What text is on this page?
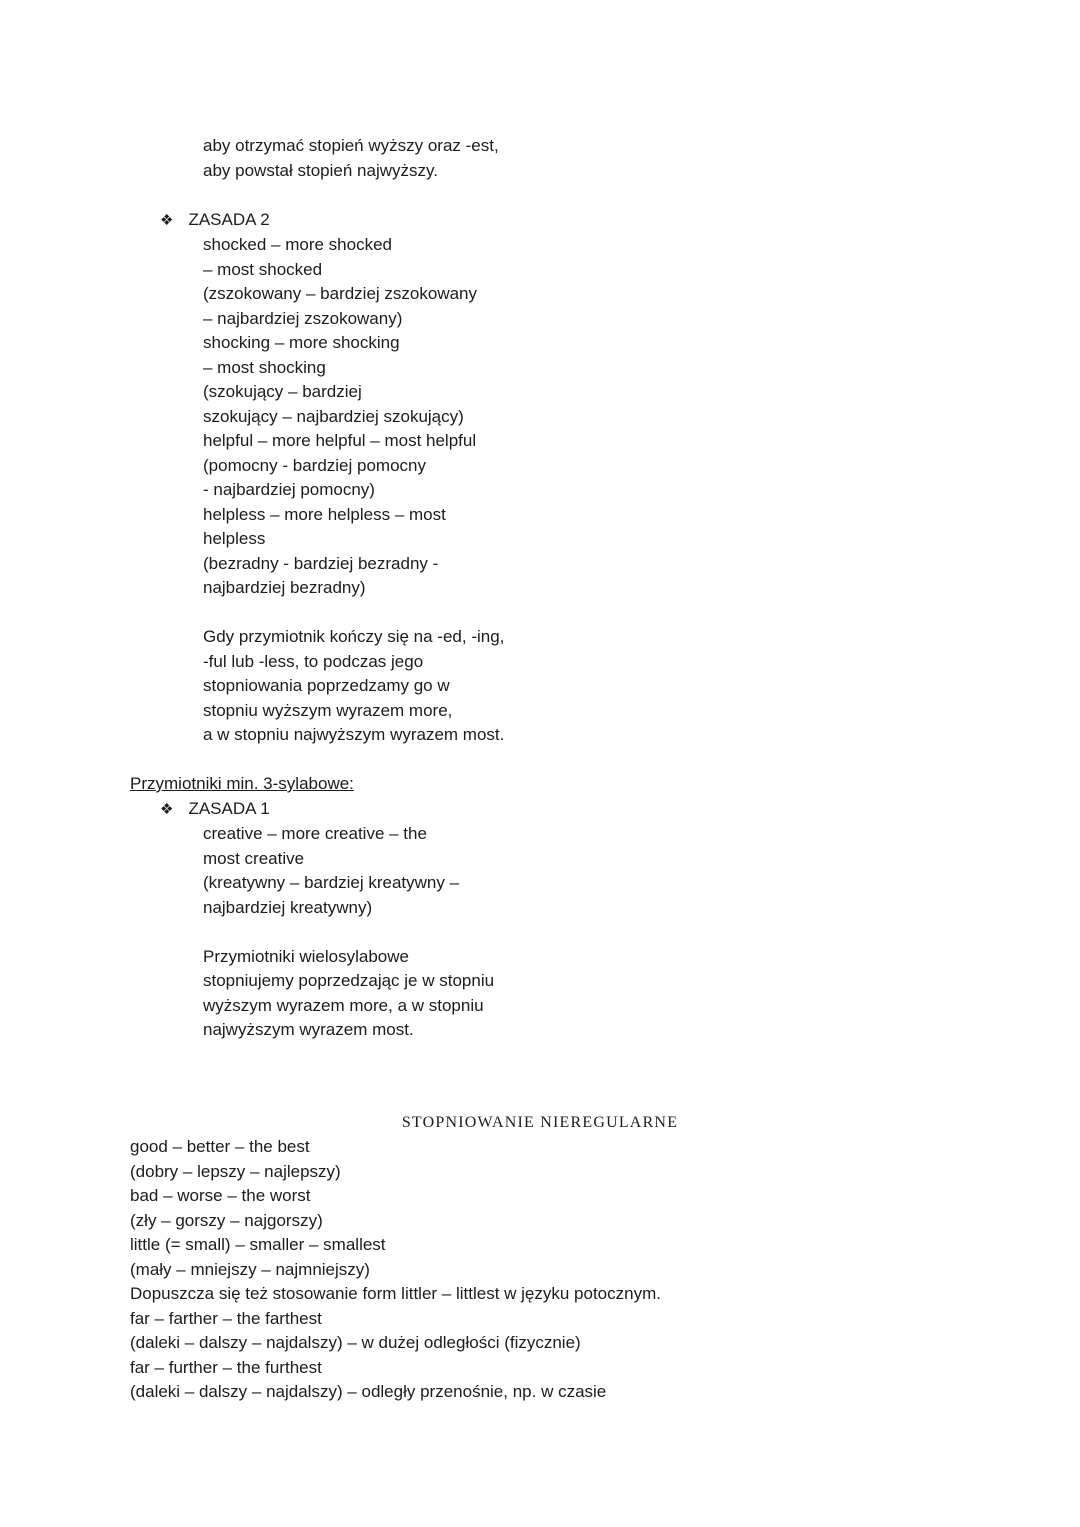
aby otrzymać stopień wyższy oraz -est,
aby powstał stopień najwyższy.
❖ ZASADA 2
shocked – more shocked
– most shocked
(zszokowany – bardziej zszokowany
– najbardziej zszokowany)
shocking – more shocking
– most shocking
(szokujący – bardziej
szokujący – najbardziej szokujący)
helpful – more helpful – most helpful
(pomocny - bardziej pomocny
- najbardziej pomocny)
helpless – more helpless – most
helpless
(bezradny - bardziej bezradny -
najbardziej bezradny)
Gdy przymiotnik kończy się na -ed, -ing,
-ful lub -less, to podczas jego
stopniowania poprzedzamy go w
stopniu wyższym wyrazem more,
a w stopniu najwyższym wyrazem most.
Przymiotniki min. 3-sylabowe:
❖ ZASADA 1
creative – more creative – the
most creative
(kreatywny – bardziej kreatywny –
najbardziej kreatywny)
Przymiotniki wielosylabowe
stopniujemy poprzedzając je w stopniu
wyższym wyrazem more, a w stopniu
najwyższym wyrazem most.
STOPNIOWANIE NIEREGULARNE
good – better – the best
(dobry – lepszy – najlepszy)
bad – worse – the worst
(zły – gorszy – najgorszy)
little (= small) – smaller – smallest
(mały – mniejszy – najmniejszy)
Dopuszcza się też stosowanie form littler – littlest w języku potocznym.
far – farther – the farthest
(daleki – dalszy – najdalszy) – w dużej odległości (fizycznie)
far – further – the furthest
(daleki – dalszy – najdalszy) – odległy przenośnie, np. w czasie
